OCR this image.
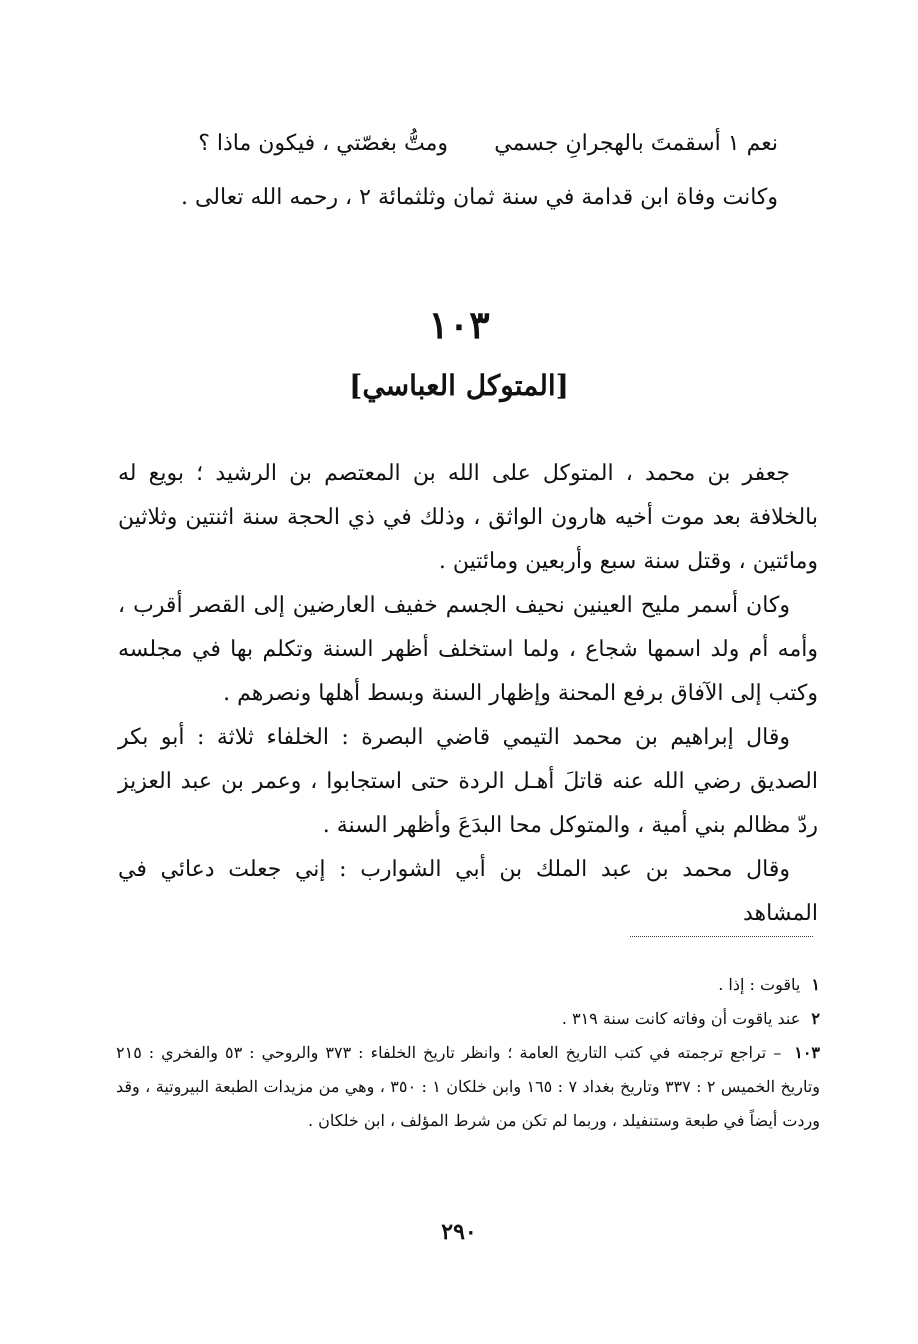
نعم ١ أسقمتَ بالهجرانِ جسمي
ومتُّ بغصّتي ، فيكون ماذا ؟
وكانت وفاة ابن قدامة في سنة ثمان وثلثمائة ٢ ، رحمه الله تعالى .
١٠٣
[المتوكل العباسي]

جعفر بن محمد ، المتوكل على الله بن المعتصم بن الرشيد ؛ بويع له بالخلافة بعد موت أخيه هارون الواثق ، وذلك في ذي الحجة سنة اثنتين وثلاثين ومائتين ، وقتل سنة سبع وأربعين ومائتين .

وكان أسمر مليح العينين نحيف الجسم خفيف العارضين إلى القصر أقرب ، وأمه أم ولد اسمها شجاع ، ولما استخلف أظهر السنة وتكلم بها في مجلسه وكتب إلى الآفاق برفع المحنة وإظهار السنة وبسط أهلها ونصرهم .

وقال إبراهيم بن محمد التيمي قاضي البصرة : الخلفاء ثلاثة : أبو بكر الصديق رضي الله عنه قاتلَ أهـل الردة حتى استجابوا ، وعمر بن عبد العزيز ردّ مظالم بني أمية ، والمتوكل محا البدَعَ وأظهر السنة .

وقال محمد بن عبد الملك بن أبي الشوارب : إني جعلت دعائي في المشاهد

١ ياقوت : إذا .

٢ عند ياقوت أن وفاته كانت سنة ٣١٩ .

١٠٣ – تراجع ترجمته في كتب التاريخ العامة ؛ وانظر تاريخ الخلفاء : ٣٧٣ والروحي : ٥٣ والفخري : ٢١٥ وتاريخ الخميس ٢ : ٣٣٧ وتاريخ بغداد ٧ : ١٦٥ وابن خلكان ١ : ٣٥٠ ، وهي من مزيدات الطبعة البيروتية ، وقد وردت أيضاً في طبعة وستنفيلد ، وربما لم تكن من شرط المؤلف ، ابن خلكان .

٢٩٠
